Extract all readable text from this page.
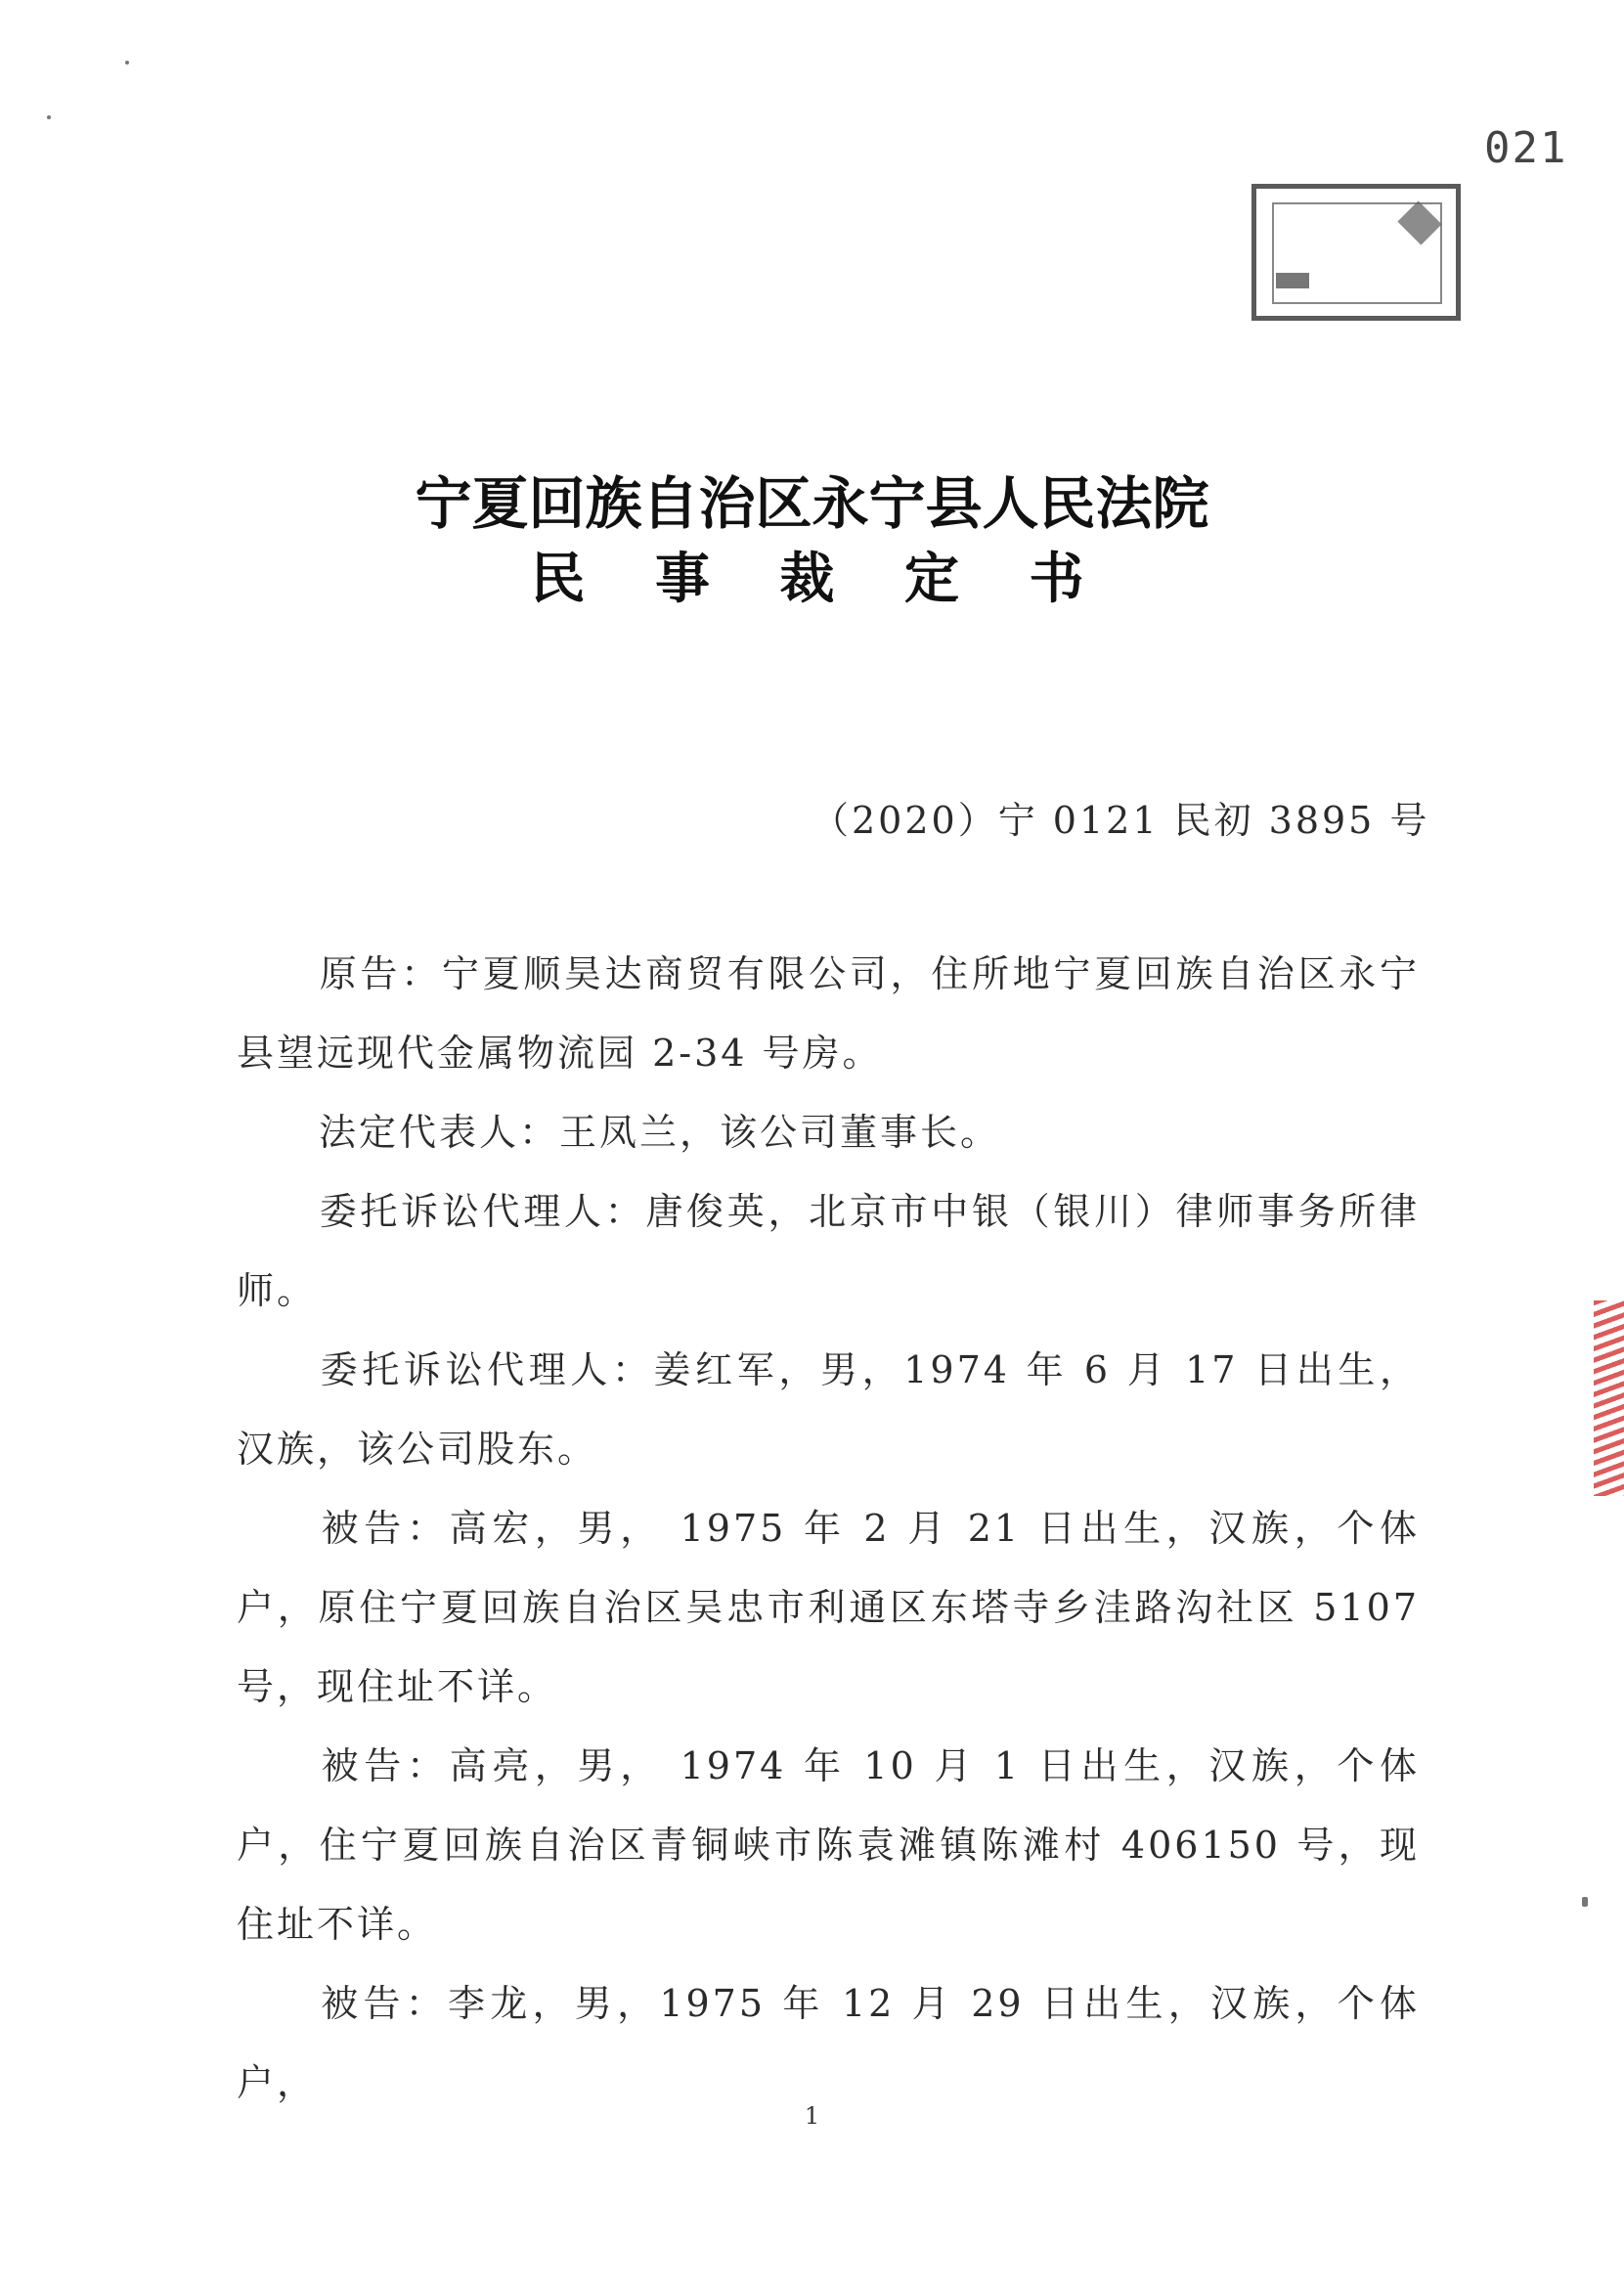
021
宁夏回族自治区永宁县人民法院
民 事 裁 定 书
（2020）宁 0121 民初 3895 号
原告：宁夏顺昊达商贸有限公司，住所地宁夏回族自治区永宁县望远现代金属物流园 2-34 号房。
法定代表人：王凤兰，该公司董事长。
委托诉讼代理人：唐俊英，北京市中银（银川）律师事务所律师。
委托诉讼代理人：姜红军，男，1974 年 6 月 17 日出生，汉族，该公司股东。
被告：高宏，男， 1975 年 2 月 21 日出生，汉族，个体户，原住宁夏回族自治区吴忠市利通区东塔寺乡洼路沟社区 5107 号，现住址不详。
被告：高亮，男， 1974 年 10 月 1 日出生，汉族，个体户，住宁夏回族自治区青铜峡市陈袁滩镇陈滩村 406150 号，现住址不详。
被告：李龙，男，1975 年 12 月 29 日出生，汉族，个体户，
1
